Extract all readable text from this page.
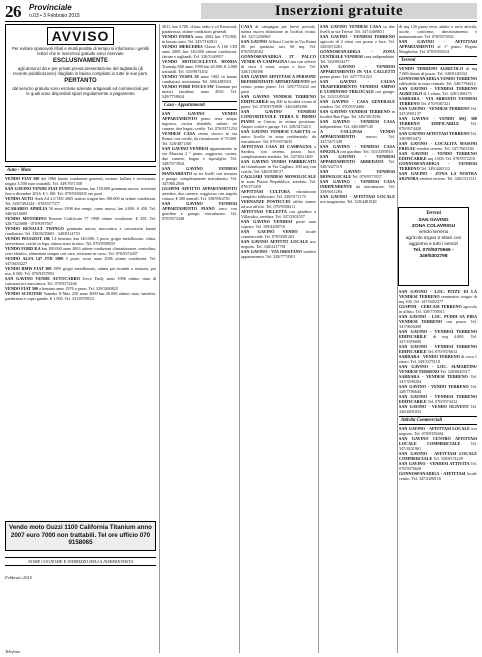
26 Provinciale
n.03 • 3 Febbraio 2015	Inserzioni gratuite
AVVISO
Per evitare spiacevoli rifiuti e inutili perdite di tempo si informano i gentili lettori che le inserzioni gratuite sono riservate
ESCLUSIVAMENTE
agli annunci da e per privati previa presentazione del tagliando (di recente pubblicazione) ritagliato in basso compilato in tutte le sue parti.
PERTANTO
dal servizio gratuito sono escluse aziende artigianali ed commerciali per le quali sono disponibili spazi regolarmente a pagamento
Auto - Moto

VENDO FIAT 500 del 1966 buone condizioni generali, motore, bollata e revisionata, targata 3.500 euro trattabili. Tel. 349/7671358

SAN GAVINO VENDE FIAT PUNTO benzina, km 150.000 gommata nuova, revisione fino a dicembre 2016. € 1.100. Tel. 070/9358035 ore pasti

VENDO AUTO Audi A4 2.0 TDI 2005 station wagon km 190.000 in ottime condizioni. Tel. 349/7492224 - 070/9377377

SCARABEO APRILIA 50 anno 1998 due tempi, come nuovo, km 4.000. € 450. Tel. 340/4216695

VENDO MOTORINO Booster Codificato 77 1998 ottime condizioni. € 350. Tel. 328/7323008 - 070/9397567

VENDO RENAULT TWINGO gommata nuova, meccanica e carrozzeria buone condizioni. Tel. 338/8235665 - 340/8314733

VENDO PEUGEOT 106 1.4 benzina, km 140.000, 5 porte, grigio metallizzato, clima, servosterzo, cerchi in lega, ottimo stato in tutto. Tel. 070/9358555

VENDO FORD KA km 100.000 anno 2003 ottime condizioni climatizzatore, centralina, vetri elettrici, alimentata sempre con cura, revisione in corso. Tel. 070/9374457

VENDO ALFA 147 JTD 1900 5 porte, rossa anno 2006 ottime condizioni. Tel. 347/8453227

VENDO BMW FIAT 300 1995 grigio metallizzato, ottima per ricambi o restauro, per uso, € 500. Tel. 070/9357893

SAN GAVINO VENDE AUTOCARRO Iveco Daily anno 1996 ottimo stato di carrozzeria e meccanica. Tel. 070/9372246

VENDO FIAT 500 a benzina anno 1976 a pezzi. Tel. 329/5480823

VENDO SCOOTER Yamaha X-Max 250 anno 2009 km 20.000 ottimo stato, bauletto, parabrezza e copri gambe. € 1.500. Tel. 331/6978512

Vendo moto Guzzi 1100 California Titanium anno 2007 euro 7000 non trattabili. Tel ore ufficio 070 9158065
NOME COGNOME E INDIRIZZO DELLA INSERZIONISTA
Febbraio 2015
Telefono

2011, km 4.700, clima, radio e cd Kenwood, parabrezza, ottime condizioni generali.

VENDO PANDA anno 2002 km 170.000, in buono stato. Tel. 345/7163811

VENDO MERCEDES Classe A 160 CDI anno 2009, km 140.000 ottime condizioni, fatture e tagliandi. Tel. 320/5340957

VENDO MOTOCICLETTA HONDA Transalp 600 anno 1999 km 45.000, € 2.000 trattabili. Tel. 335/9874102

VENDO VESPA 50 anno 1982 in buone condizioni, revisionata. Tel. 380/4485501

VENDO FORD FOCUS SW Titanium per motivi familiari, anno 2010. Tel. 349/7758624

Casa - Appartamenti

SAN GAVINO VENDO APPARTAMENTO piano terra ampio ingresso, cucina abitabile, salone, tre camere, due bagni, cortile. Tel. 070/9371254

VENDESI CASA centro storico in via Roma, con cortile, da ristrutturare. € 70.000. Tel. 328/4871160

SAN GAVINO VENDESI appartamento in via Mazzini 2 ° piano, soggiorno, cucina, due camere, bagno e ripostiglio. Tel. 348/5573924

SAN GAVINO VENDESI MANSARDATO su tre livelli con terrazza e garage, completamente ristrutturato. Tel. 347/8812056

GUSPINI AFFITTO APPARTAMENTO arredato, due camere, soggiorno con angolo cottura. € 300 mensili. Tel. 338/9924701

SAN GAVINO VENDESI APPARTAMENTO PIANO terra con giardino e garage, ristrutturato. Tel. 070/9373348

CASA di campagna per breve periodo, nonna nuova abitazione in località vicina. Tel. 347/1256963

SAN GAVINO Affitasi Cortile in Via Roma 80 per qualsiasi uso, 60 mq. Tel. 070/9358102

GONNOSFANADIGA IT PALCO VENDE IN CAMPAGNA Casa con uliveto di circa 4 ettari, acqua e luce. Tel. 328/1180396

SAN GAVINO AFFITTASI A PERSONE REFERENZIATE APPARTAMENTO nel centro, primo piano. Tel. 329/7755434 ore pasti

SAN GAVINO VENDESI TERRENO EDIFICABILE mq 300 in località vicino al paese. Tel. 070/9370808 - 340/4493296

SAN GAVINO VENDESI CONFORTEVOLE TERRA E PRIMO PIANO in Centro, in ottima posizione. Ampio cortile e garage. Tel. 328/5474215

SAN GAVINO VENDESI CASETTA su unico livello in zona residenziale, da ristrutturare. Tel. 070/9374635

AFFITTASI CASA DI CAMPAGNA a Sardara, con terreno, pozzo, luce, completamente arredata. Tel. 347/8521469

SAN GAVINO VENDO FABBRICATO da ristrutturare in Via Cagliari, 200 mq con cortile. Tel. 340/9188727

CAGLIARI VENDESI MONOLOCALE in zona Piazza Repubblica, arredato. Tel. 070/273419

AFFITTASI CULTURA ristrutturato completo fabbricato. Tel. 328/9171175

VERNANZE POSTICCIO affitto stanze ad uso ufficio. Tel. 070/9358211

AFFITTASI VILLETTA con giardino a Villacidro, arredata. Tel. 347/2301557

SAN GAVINO VENDESI posto auto coperto. Tel. 339/4458710

SAN GAVINO VENDO locale commerciale. Tel. 070/9381263

SAN GAVINO AFFITTO LOCALE uso negozio. Tel. 340/2217781

SAN GAVINO - VIA ORISTANO vendesi appartamento. Tel. 328/7774501

SAN GAVINO VENDESI CASA su due livelli in via Trieste. Tel. 347/4469831

SAN GAVINO - VENDESI TERRENO agricolo di 2 ettari con pozzo e luce. Tel. 320/6572201

GONNOSFANADIGA - ZONA CENTRALE VENDESI casa indipendente. Tel. 320/0034277

SAN GAVINO - VENDESI APPARTAMENTO IN VIA CALLETTI primo piano. Tel. 347/7701223

SAN GAVINO - CAUSA TRASFERIMENTO VENDESI AMPIO E LUMINOSO TRILOCALE con garage. Tel. 333/1185520

SAN GAVINO - CASA GENERALE vendesi. Tel. 070/9374460

SAN GAVINO VENDESI TERRENO in località Bau Figu. Tel. 349/3012556

SAN GAVINO - VENDESI CASA indipendente. Tel. 340/4887120

A COLLINAS VENDO APPARTAMENTO nuovo. Tel. 347/5471349

SAN GAVINO - VENDESI CASA SINGOLA con giardino. Tel. 333/3395810

SAN GAVINO - VENDESI APPARTAMENTO ARREDATO Tel. 340/3327119

SAN GAVINO VENDESI MONOLOCALE Tel. 070/9375557

SAN GAVINO - VENDESI CASA INDIPENDENTE da ristrutturare. Tel. 339/6011284

SAN GAVINO - AFFITTASI LOCALE uso magazzino. Tel. 328/4481920

di mq 120 piano terra, adatto a varie attività, uscite, conforme, direzionamento e manutenzione. Tel. 070/9370541

SAN GAVINO - AFFITTASI APPARTAMENTO al 1° piano, Regina Margherita. Tel. 070/9359314

Terreni

VENDO TERRENO AGRICOLO di mq 7.000 dotato di pozzo. Tel. 340/8120334

GONNOSFANADIGA VENDO TERRENO edificabile in zona centrale. Tel. 346/7794612

SAN GAVINO - VENDESI TERRENO AGRICOLO di 1 ettaro. Tel. 328/1168273

SARDARA - VIA ARBOSTO VENDESI TERRENO Tel. 070/9387221

SAN GAVINO - VENDESI TERRENO Tel. 347/2901137

SAN GAVINO - VENDO MQ 300 TERRENO EDIFICABILE Tel. 070/9374420

SAN GAVINO AFFITTASI TERRENO Tel. 338/8810472

SAN GAVINO - LOCALITA MASONI FRIGAU vendesi terreno. Tel. 347/7603184

SAN GAVINO - VENDO TERRENO EDIFICABILE mq 1.000. Tel. 070/9372210

GONNOSFANADIGA - VENDESI TERRENO Tel. 349/4465112

SAN GAVINO - ZONA LA NOSTRA SIGNORA vendesi terreno. Tel. 340/1531121

Terreni
SAN GAVINO
ZONA COLAVRIGU
vendo terreno
agricolo irrguo 2 ettari con aggiorna e tutti i servizi
Tel. 070/9370666 - 349/5302798

SAN GAVINO - LOC. PITZU DI LA VENDESI TERRENO seminativo irriguo di mq 100. Tel. 347/9452377

GUSPINI - CERCASI TERRENO agricolo in affitto. Tel. 329/7700011

SAN GAVINO - LOC. PUDDI SA PIRA VENDESI TERRENO con pozzo. Tel. 347/9650490

SAN GAVINO - VENDESI TERRENO EDIFICABILE di mq 4.000. Tel. 347/1856600

SAN GAVINO - VENDESI TERRENO EDIFICABILE Tel. 070/9376612

SARDARA - VENDO TERRENO di circa 1 ettaro. Tel. 349/3375118

SAN GAVINO - LOC. SUMARTINU VENDESI TERRENO Tel. 320/0845317

SARDARA - VENDESI TERRENO Tel. 347/5590204

SAN GAVINO - VENDO TERRENO Tel. 328/7786644

SAN GAVINO - VENDESI TERRENO EDIFICABILE Tel. 070/9374412

SAN GAVINO - VENDO OLIVETO Tel. 340/4491833

Attività Commerciali

SAN GAVINO - AFFITTASI LOCALE uso negozio. Tel. 070/9359461

SAN GAVINO CENTRO AFFITTASI LOCALE COMMERCIALE Tel. 347/4431961

SAN GAVINO - AFFITTASI LOCALE COMMERCIALE Tel. 338/6574229

SAN GAVINO - VENDESI ATTIVITA Tel. 070/9376620

GONNOSFANADIGA - AFFITTASI locale centro. Tel. 347/2280116
